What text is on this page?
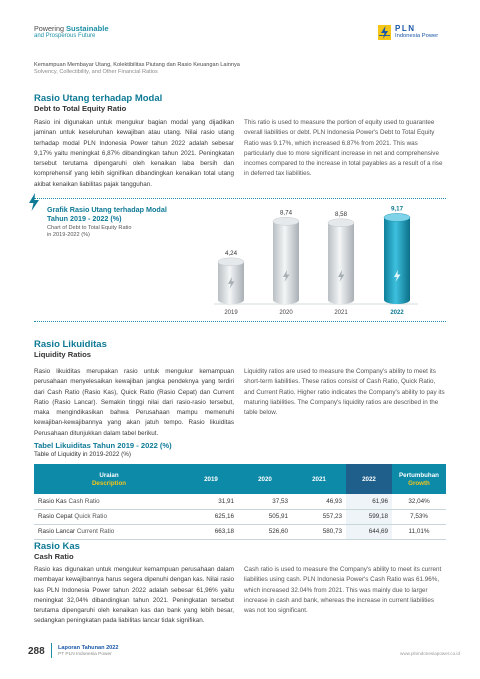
Powering Sustainable
and Prosperous Future
PLN
Indonesia Power
Kemampuan Membayar Utang, Kolektibilitas Piutang dan Rasio Keuangan Lainnya
Solvency, Collectibility, and Other Financial Ratios
Rasio Utang terhadap Modal
Debt to Total Equity Ratio

Rasio ini digunakan untuk mengukur bagian modal yang dijadikan jaminan untuk keseluruhan kewajiban atau utang. Nilai rasio utang terhadap modal PLN Indonesia Power tahun 2022 adalah sebesar 9,17% yaitu meningkat 6,87% dibandingkan tahun 2021. Peningkatan tersebut terutama dipengaruhi oleh kenaikan laba bersih dan komprehensif yang lebih signifikan dibandingkan kenaikan total utang akibat kenaikan liabilitas pajak tangguhan.

This ratio is used to measure the portion of equity used to guarantee overall liabilities or debt. PLN Indonesia Power's Debt to Total Equity Ratio was 9.17%, which increased 6.87% from 2021. This was particularly due to more significant increase in net and comprehensive incomes compared to the increase in total payables as a result of a rise in deferred tax liabilities.

Grafik Rasio Utang terhadap Modal
Tahun 2019 - 2022 (%)
Chart of Debt to Total Equity Ratio
in 2019-2022 (%)
4,24
2019
8,74
2020
8,58
2021
9,17
2022
Rasio Likuiditas
Liquidity Ratios

Rasio likuiditas merupakan rasio untuk mengukur kemampuan perusahaan menyelesaikan kewajiban jangka pendeknya yang terdiri dari Cash Ratio (Rasio Kas), Quick Ratio (Rasio Cepat) dan Current Ratio (Rasio Lancar). Semakin tinggi nilai dari rasio-rasio tersebut, maka mengindikasikan bahwa Perusahaan mampu memenuhi kewajiban-kewajibannya yang akan jatuh tempo. Rasio likuiditas Perusahaan ditunjukkan dalam tabel berikut.

Liquidity ratios are used to measure the Company's ability to meet its short-term liabilities. These ratios consist of Cash Ratio, Quick Ratio, and Current Ratio. Higher ratio indicates the Company's ability to pay its maturing liabilities. The Company's liquidity ratios are described in the table below.

Tabel Likuiditas Tahun 2019 - 2022 (%)
Table of Liquidity in 2019-2022 (%)
Uraian
Description	2019	2020	2021	2022	Pertumbuhan
Growth

Rasio Kas Cash Ratio	31,91	37,53	46,93	61,96	32,04%
Rasio Cepat Quick Ratio	625,16	505,91	557,23	599,18	7,53%
Rasio Lancar Current Ratio	663,18	526,60	580,73	644,69	11,01%
Rasio Kas
Cash Ratio

Rasio kas digunakan untuk mengukur kemampuan perusahaan dalam membayar kewajibannya harus segera dipenuhi dengan kas. Nilai rasio kas PLN Indonesia Power tahun 2022 adalah sebesar 61,96% yaitu meningkat 32,04% dibandingkan tahun 2021. Peningkatan tersebut terutama dipengaruhi oleh kenaikan kas dan bank yang lebih besar, sedangkan peningkatan pada liabilitas lancar tidak signifikan.

Cash ratio is used to measure the Company's ability to meet its current liabilities using cash. PLN Indonesia Power's Cash Ratio was 61.96%, which increased 32.04% from 2021. This was mainly due to larger increase in cash and bank, whereas the increase in current liabilities was not too significant.

288 Laporan Tahunan 2022
PT PLN Indonesia Power	www.plnindonesiapower.co.id
